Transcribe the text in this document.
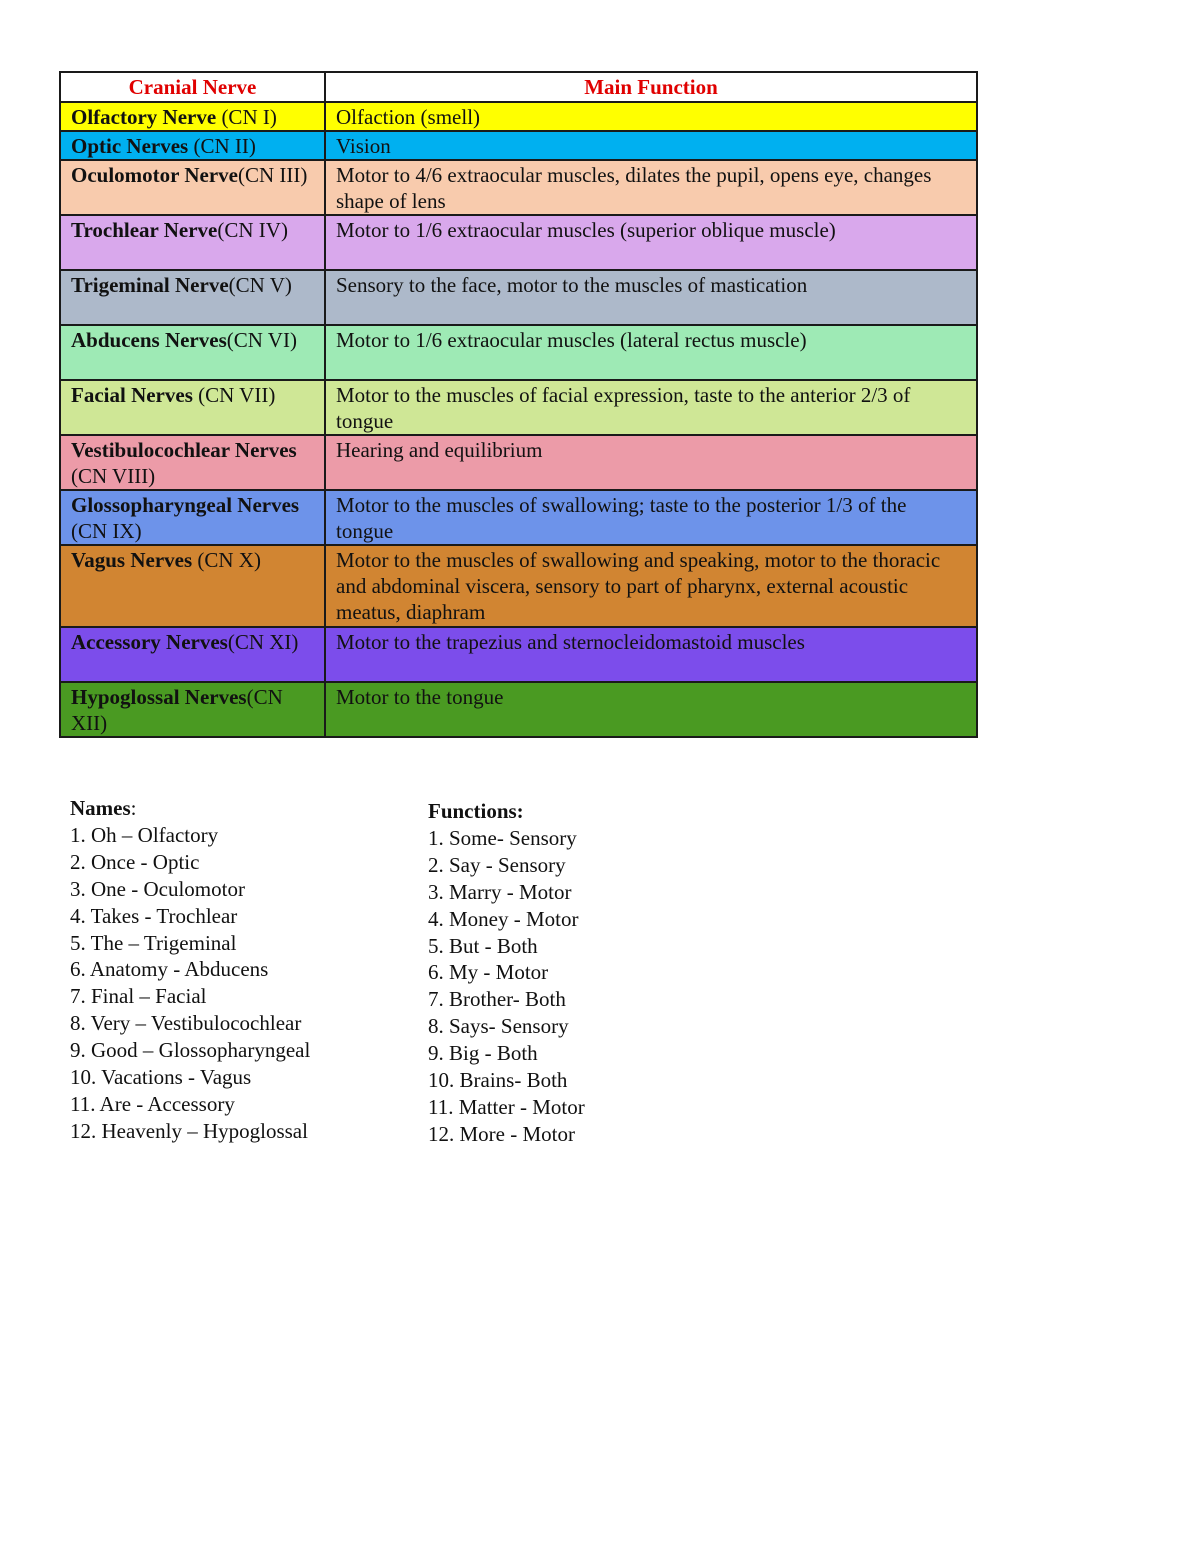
Cranial Nerve	Main Function
Olfactory Nerve (CN I)	Olfaction (smell)
Optic Nerves (CN II)	Vision
Oculomotor Nerve(CN III)	Motor to 4/6 extraocular muscles, dilates the pupil, opens eye, changes shape of lens
Trochlear Nerve(CN IV)	Motor to 1/6 extraocular muscles (superior oblique muscle)
Trigeminal Nerve(CN V)	Sensory to the face, motor to the muscles of mastication
Abducens Nerves(CN VI)	Motor to 1/6 extraocular muscles (lateral rectus muscle)
Facial Nerves (CN VII)	Motor to the muscles of facial expression, taste to the anterior 2/3 of tongue
Vestibulocochlear Nerves (CN VIII)	Hearing and equilibrium
Glossopharyngeal Nerves (CN IX)	Motor to the muscles of swallowing; taste to the posterior 1/3 of the tongue
Vagus Nerves (CN X)	Motor to the muscles of swallowing and speaking, motor to the thoracic and abdominal viscera, sensory to part of pharynx, external acoustic meatus, diaphram
Accessory Nerves(CN XI)	Motor to the trapezius and sternocleidomastoid muscles
Hypoglossal Nerves(CN XII)	Motor to the tongue
Names:
1. Oh – Olfactory
2. Once - Optic
3. One - Oculomotor
4. Takes - Trochlear
5. The – Trigeminal
6. Anatomy - Abducens
7. Final – Facial
8. Very – Vestibulocochlear
9. Good – Glossopharyngeal
10. Vacations - Vagus
11. Are - Accessory
12. Heavenly – Hypoglossal
Functions:
1. Some- Sensory
2. Say - Sensory
3. Marry - Motor
4. Money - Motor
5. But - Both
6. My - Motor
7. Brother- Both
8. Says- Sensory
9. Big - Both
10. Brains- Both
11. Matter - Motor
12. More - Motor
